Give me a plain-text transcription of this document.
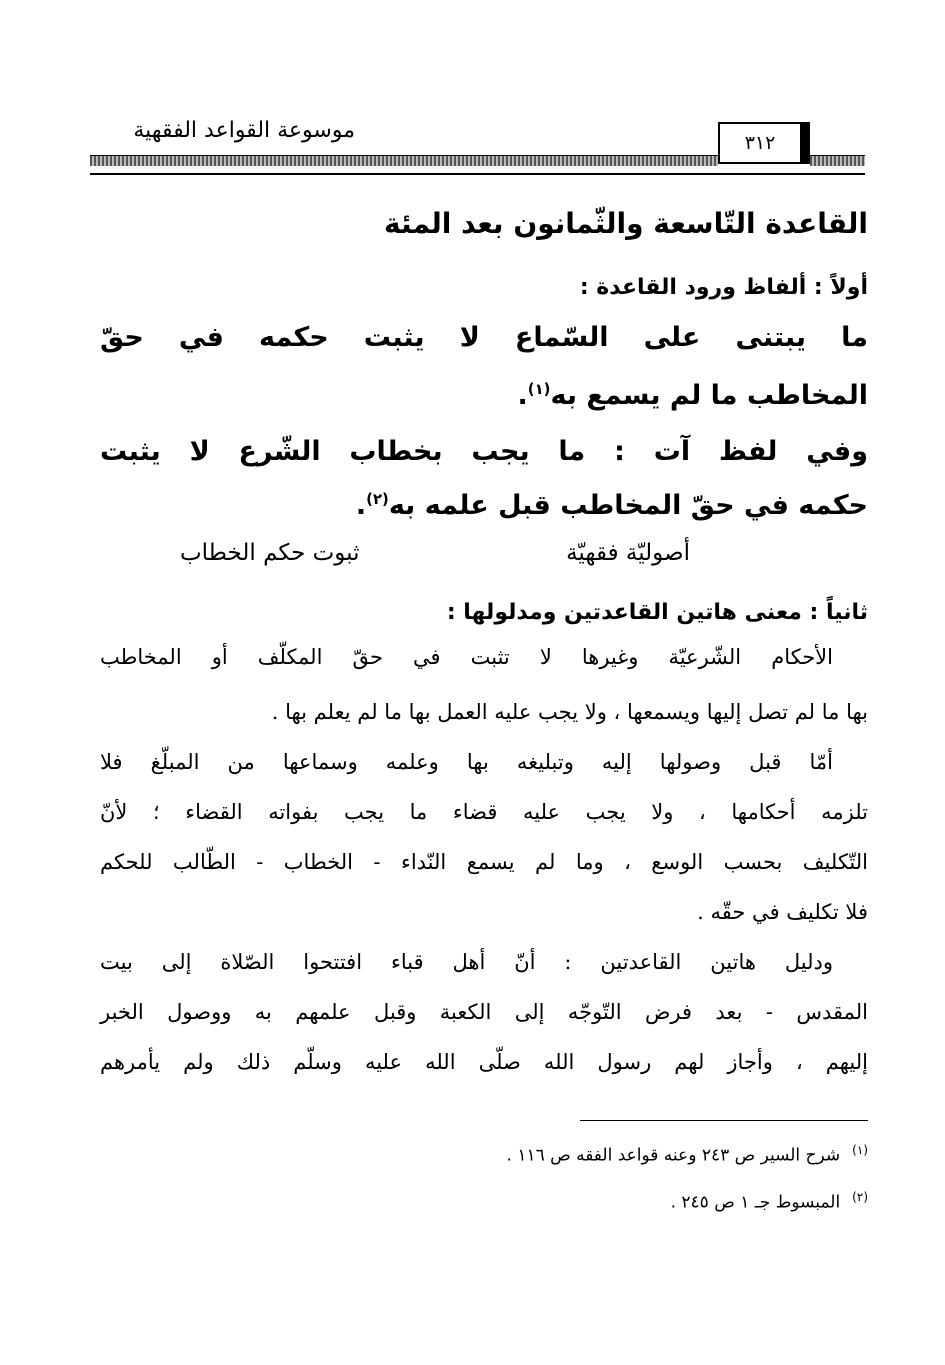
موسوعة القواعد الفقهية	٣١٢
القاعدة التّاسعة والثّمانون بعد المئة
أولاً : ألفاظ ورود القاعدة :
ما يبتنى على السّماع لا يثبت حكمه في حقّ
المخاطب ما لم يسمع به$^{(١)}$.
وفي لفظ آت : ما يجب بخطاب الشّرع لا يثبت
حكمه في حقّ المخاطب قبل علمه به$^{(٢)}$.
أصوليّة فقهيّة
ثبوت حكم الخطاب
ثانياً : معنى هاتين القاعدتين ومدلولها :
الأحكام الشّرعيّة وغيرها لا تثبت في حقّ المكلّف أو المخاطب
بها ما لم تصل إليها ويسمعها ، ولا يجب عليه العمل بها ما لم يعلم بها .
أمّا قبل وصولها إليه وتبليغه بها وعلمه وسماعها من المبلّغ فلا
تلزمه أحكامها ، ولا يجب عليه قضاء ما يجب بفواته القضاء ؛ لأنّ
التّكليف بحسب الوسع ، وما لم يسمع النّداء - الخطاب - الطّالب للحكم
فلا تكليف في حقّه .
ودليل هاتين القاعدتين : أنّ أهل قباء افتتحوا الصّلاة إلى بيت
المقدس - بعد فرض التّوجّه إلى الكعبة وقبل علمهم به ووصول الخبر
إليهم ، وأجاز لهم رسول الله صلّى الله عليه وسلّم ذلك ولم يأمرهم
$^{(١)}$شرح السير ص ٢٤٣ وعنه قواعد الفقه ص ١١٦ .
$^{(٢)}$المبسوط جـ ١ ص ٢٤٥ .
